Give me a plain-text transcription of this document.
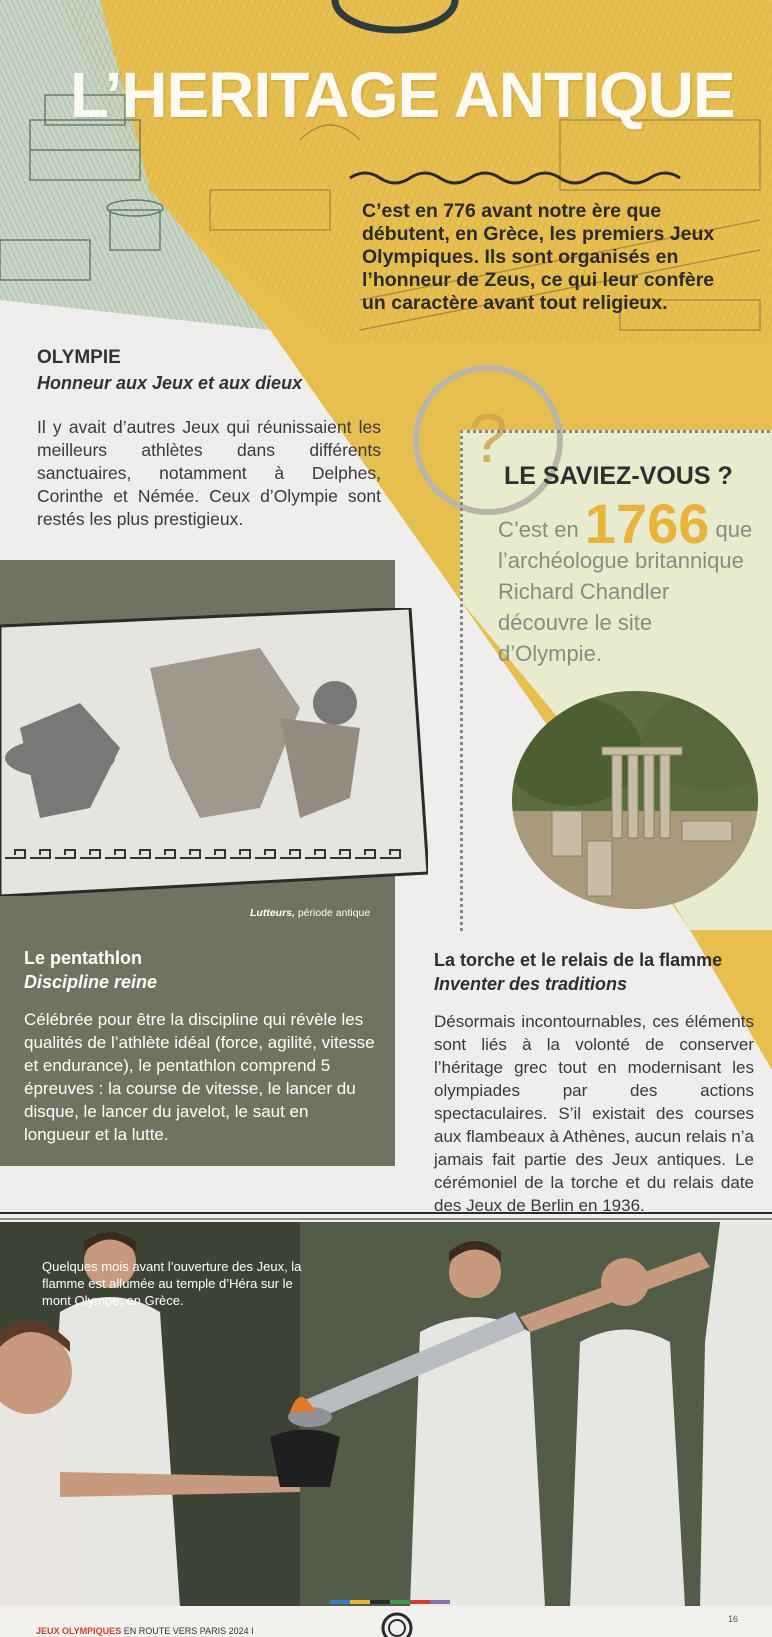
L’HERITAGE ANTIQUE
C’est en 776 avant notre ère que débutent, en Grèce, les premiers Jeux Olympiques. Ils sont organisés en l’honneur de Zeus, ce qui leur confère un caractère avant tout religieux.
?
OLYMPIE
Honneur aux Jeux et aux dieux
Il y avait d’autres Jeux qui réunissaient les meilleurs athlètes dans différents sanctuaires, notamment à Delphes, Corinthe et Némée. Ceux d’Olympie sont restés les plus prestigieux.
LE SAVIEZ-VOUS ?
C’est en 1766 que l’archéologue britannique Richard Chandler découvre le site d’Olympie.
Lutteurs, période antique
Le pentathlon
Discipline reine
Célébrée pour être la discipline qui révèle les qualités de l’athlète idéal (force, agilité, vitesse et endurance), le pentathlon comprend 5 épreuves : la course de vitesse, le lancer du disque, le lancer du javelot, le saut en longueur et la lutte.
La torche et le relais de la flamme
Inventer des traditions
Désormais incontournables, ces éléments sont liés à la volonté de conserver l’héritage grec tout en modernisant les olympiades par des actions spectaculaires. S’il existait des courses aux flambeaux à Athènes, aucun relais n’a jamais fait partie des Jeux antiques. Le cérémoniel de la torche et du relais date des Jeux de Berlin en 1936.
Quelques mois avant l’ouverture des Jeux, la flamme est allumée au temple d’Héra sur le mont Olympe, en Grèce.
JEUX OLYMPIQUES EN ROUTE VERS PARIS 2024 I
16
